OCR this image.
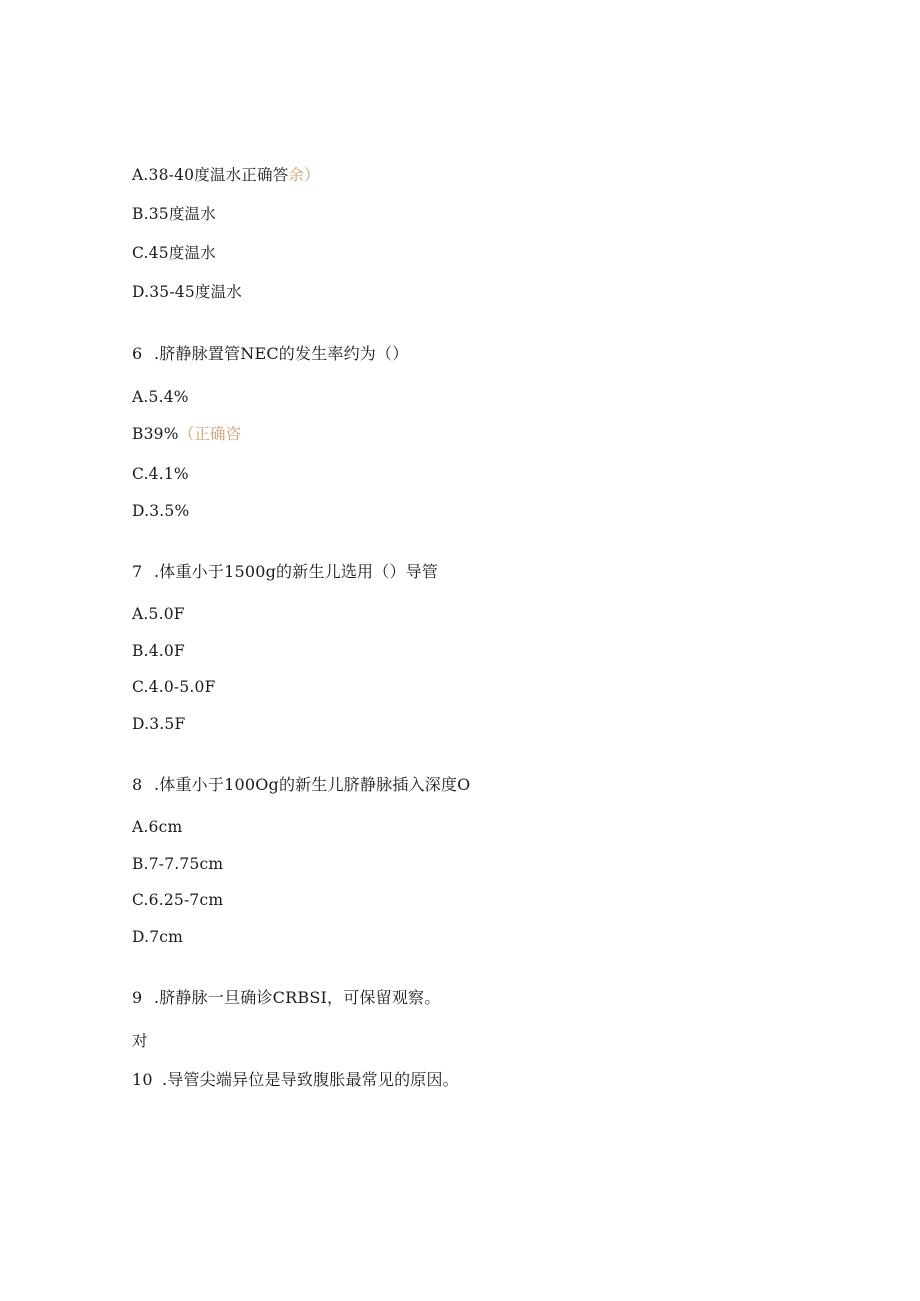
A.38-40度温水正确答余）
B.35度温水
C.45度温水
D.35-45度温水
6 .脐静脉置管NEC的发生率约为（）
A.5.4%
B39%（正确咨
C.4.1%
D.3.5%
7 .体重小于1500g的新生儿选用（）导管
A.5.0F
B.4.0F
C.4.0-5.0F
D.3.5F
8 .体重小于100Og的新生儿脐静脉插入深度O
A.6cm
B.7-7.75cm
C.6.25-7cm
D.7cm
9 .脐静脉一旦确诊CRBSI，可保留观察。
对
10 .导管尖端异位是导致腹胀最常见的原因。
